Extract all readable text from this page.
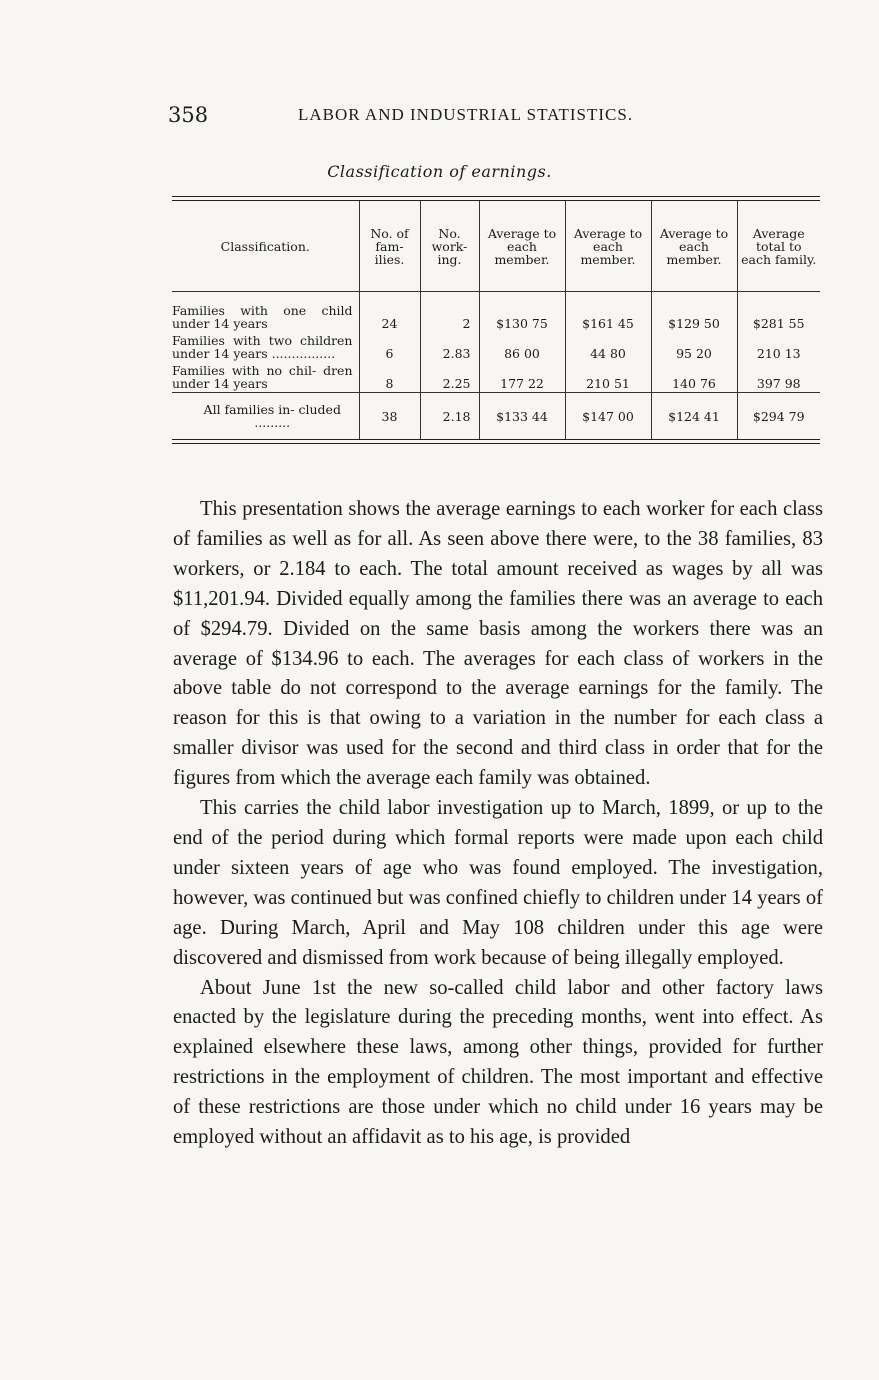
358	LABOR AND INDUSTRIAL STATISTICS.
Classification of earnings.
Classification.	No. of fam- ilies.	No. work- ing.	Average to each member.	Average to each member.	Average to each member.	Average total to each family.

Families with one child under 14 years	24	2	$130 75	$161 45	$129 50	$281 55
Families with two children under 14 years ................	6	2.83	86 00	44 80	95 20	210 13
Families with no chil- dren under 14 years	8	2.25	177 22	210 51	140 76	397 98
All families in- cluded .........	38	2.18	$133 44	$147 00	$124 41	$294 79

This presentation shows the average earnings to each worker for each class of families as well as for all. As seen above there were, to the 38 families, 83 workers, or 2.184 to each. The total amount received as wages by all was $11,201.94. Divided equally among the families there was an average to each of $294.79. Divided on the same basis among the workers there was an average of $134.96 to each. The averages for each class of workers in the above table do not correspond to the average earnings for the family. The reason for this is that owing to a variation in the number for each class a smaller divisor was used for the second and third class in order that for the figures from which the average each family was obtained.

This carries the child labor investigation up to March, 1899, or up to the end of the period during which formal reports were made upon each child under sixteen years of age who was found employed. The investigation, however, was continued but was confined chiefly to children under 14 years of age. During March, April and May 108 children under this age were discovered and dismissed from work because of being illegally employed.

About June 1st the new so-called child labor and other factory laws enacted by the legislature during the preceding months, went into effect. As explained elsewhere these laws, among other things, provided for further restrictions in the employment of children. The most important and effective of these restrictions are those under which no child under 16 years may be employed without an affidavit as to his age, is provided
